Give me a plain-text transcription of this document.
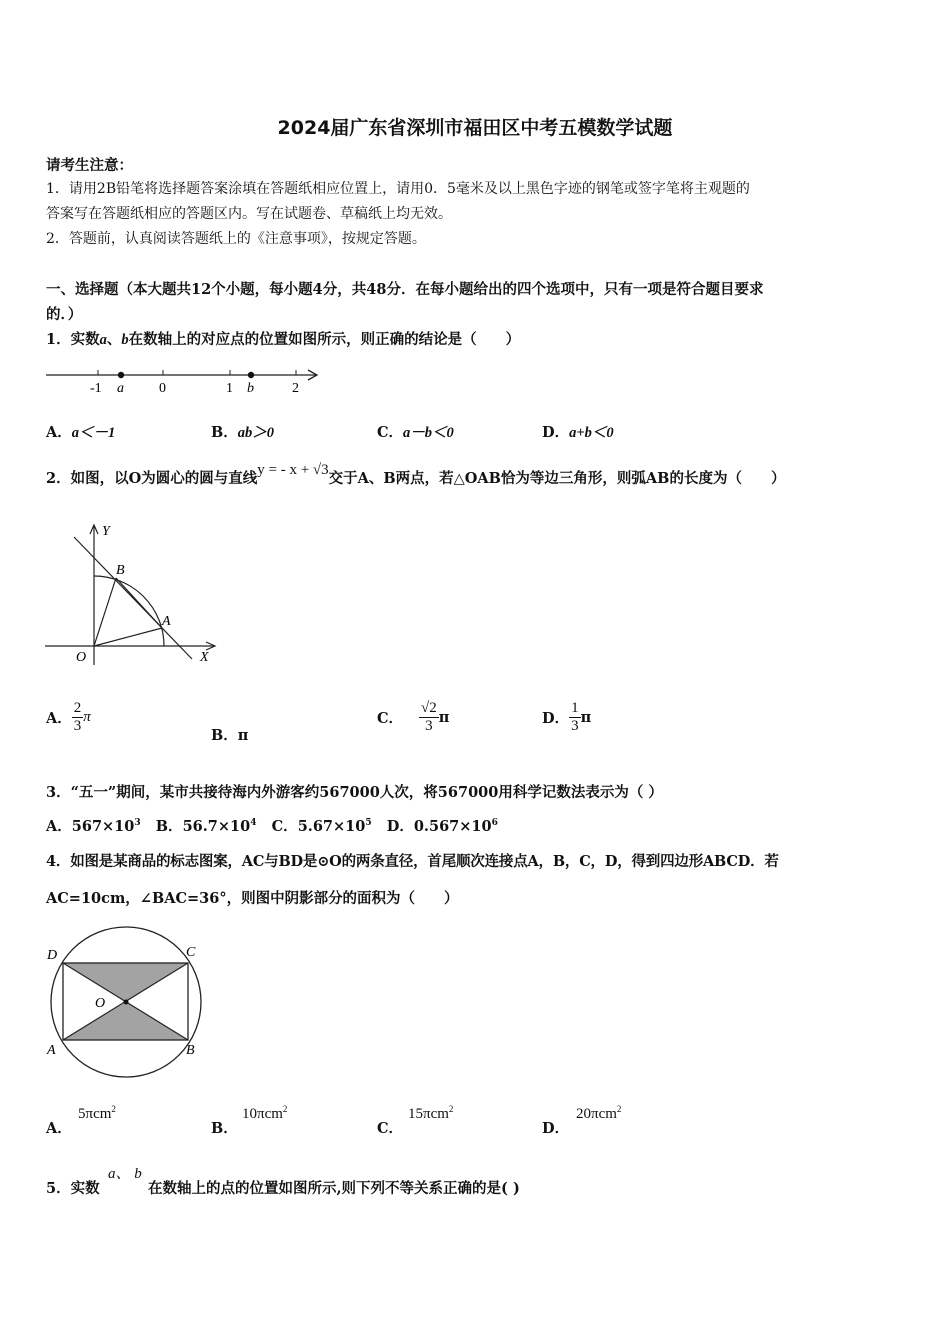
2024届广东省深圳市福田区中考五模数学试题
请考生注意：
1．请用2B铅笔将选择题答案涂填在答题纸相应位置上，请用0．5毫米及以上黑色字迹的钢笔或签字笔将主观题的
答案写在答题纸相应的答题区内。写在试题卷、草稿纸上均无效。
2．答题前，认真阅读答题纸上的《注意事项》，按规定答题。
一、选择题（本大题共12个小题，每小题4分，共48分．在每小题给出的四个选项中，只有一项是符合题目要求
的．）
1．实数a、b在数轴上的对应点的位置如图所示，则正确的结论是（　　）
-1 a	0	1 b	2
A．a＜－1	B．ab＞0	C．a－b＜0	D．a+b＜0
2．如图，以O为圆心的圆与直线y = - x + √3交于A、B两点，若△OAB恰为等边三角形，则弧AB的长度为（　　）
Y
X
O
A
B
A． $\frac{2}{3}$ π
B．π
C． $\frac{√2}{3}$ π	D． $\frac{1}{3}$ π
3．“五一”期间，某市共接待海内外游客约567000人次，将567000用科学记数法表示为（ ）
A．$567\times 10^3$ B．$56.7\times 10^4$ C．$5.67\times 10^5$ D．$0.567\times 10^6$
4．如图是某商品的标志图案，AC与BD是⊙O的两条直径，首尾顺次连接点A，B，C，D，得到四边形ABCD．若
AC=10cm，∠BAC=36°，则图中阴影部分的面积为（　　）
D	C
A	B
O
A．
5πcm$^2$
B．
10πcm$^2$
C．
15πcm$^2$
D．
20πcm$^2$
5．实数
a、 b
在数轴上的点的位置如图所示,则下列不等关系正确的是( )
